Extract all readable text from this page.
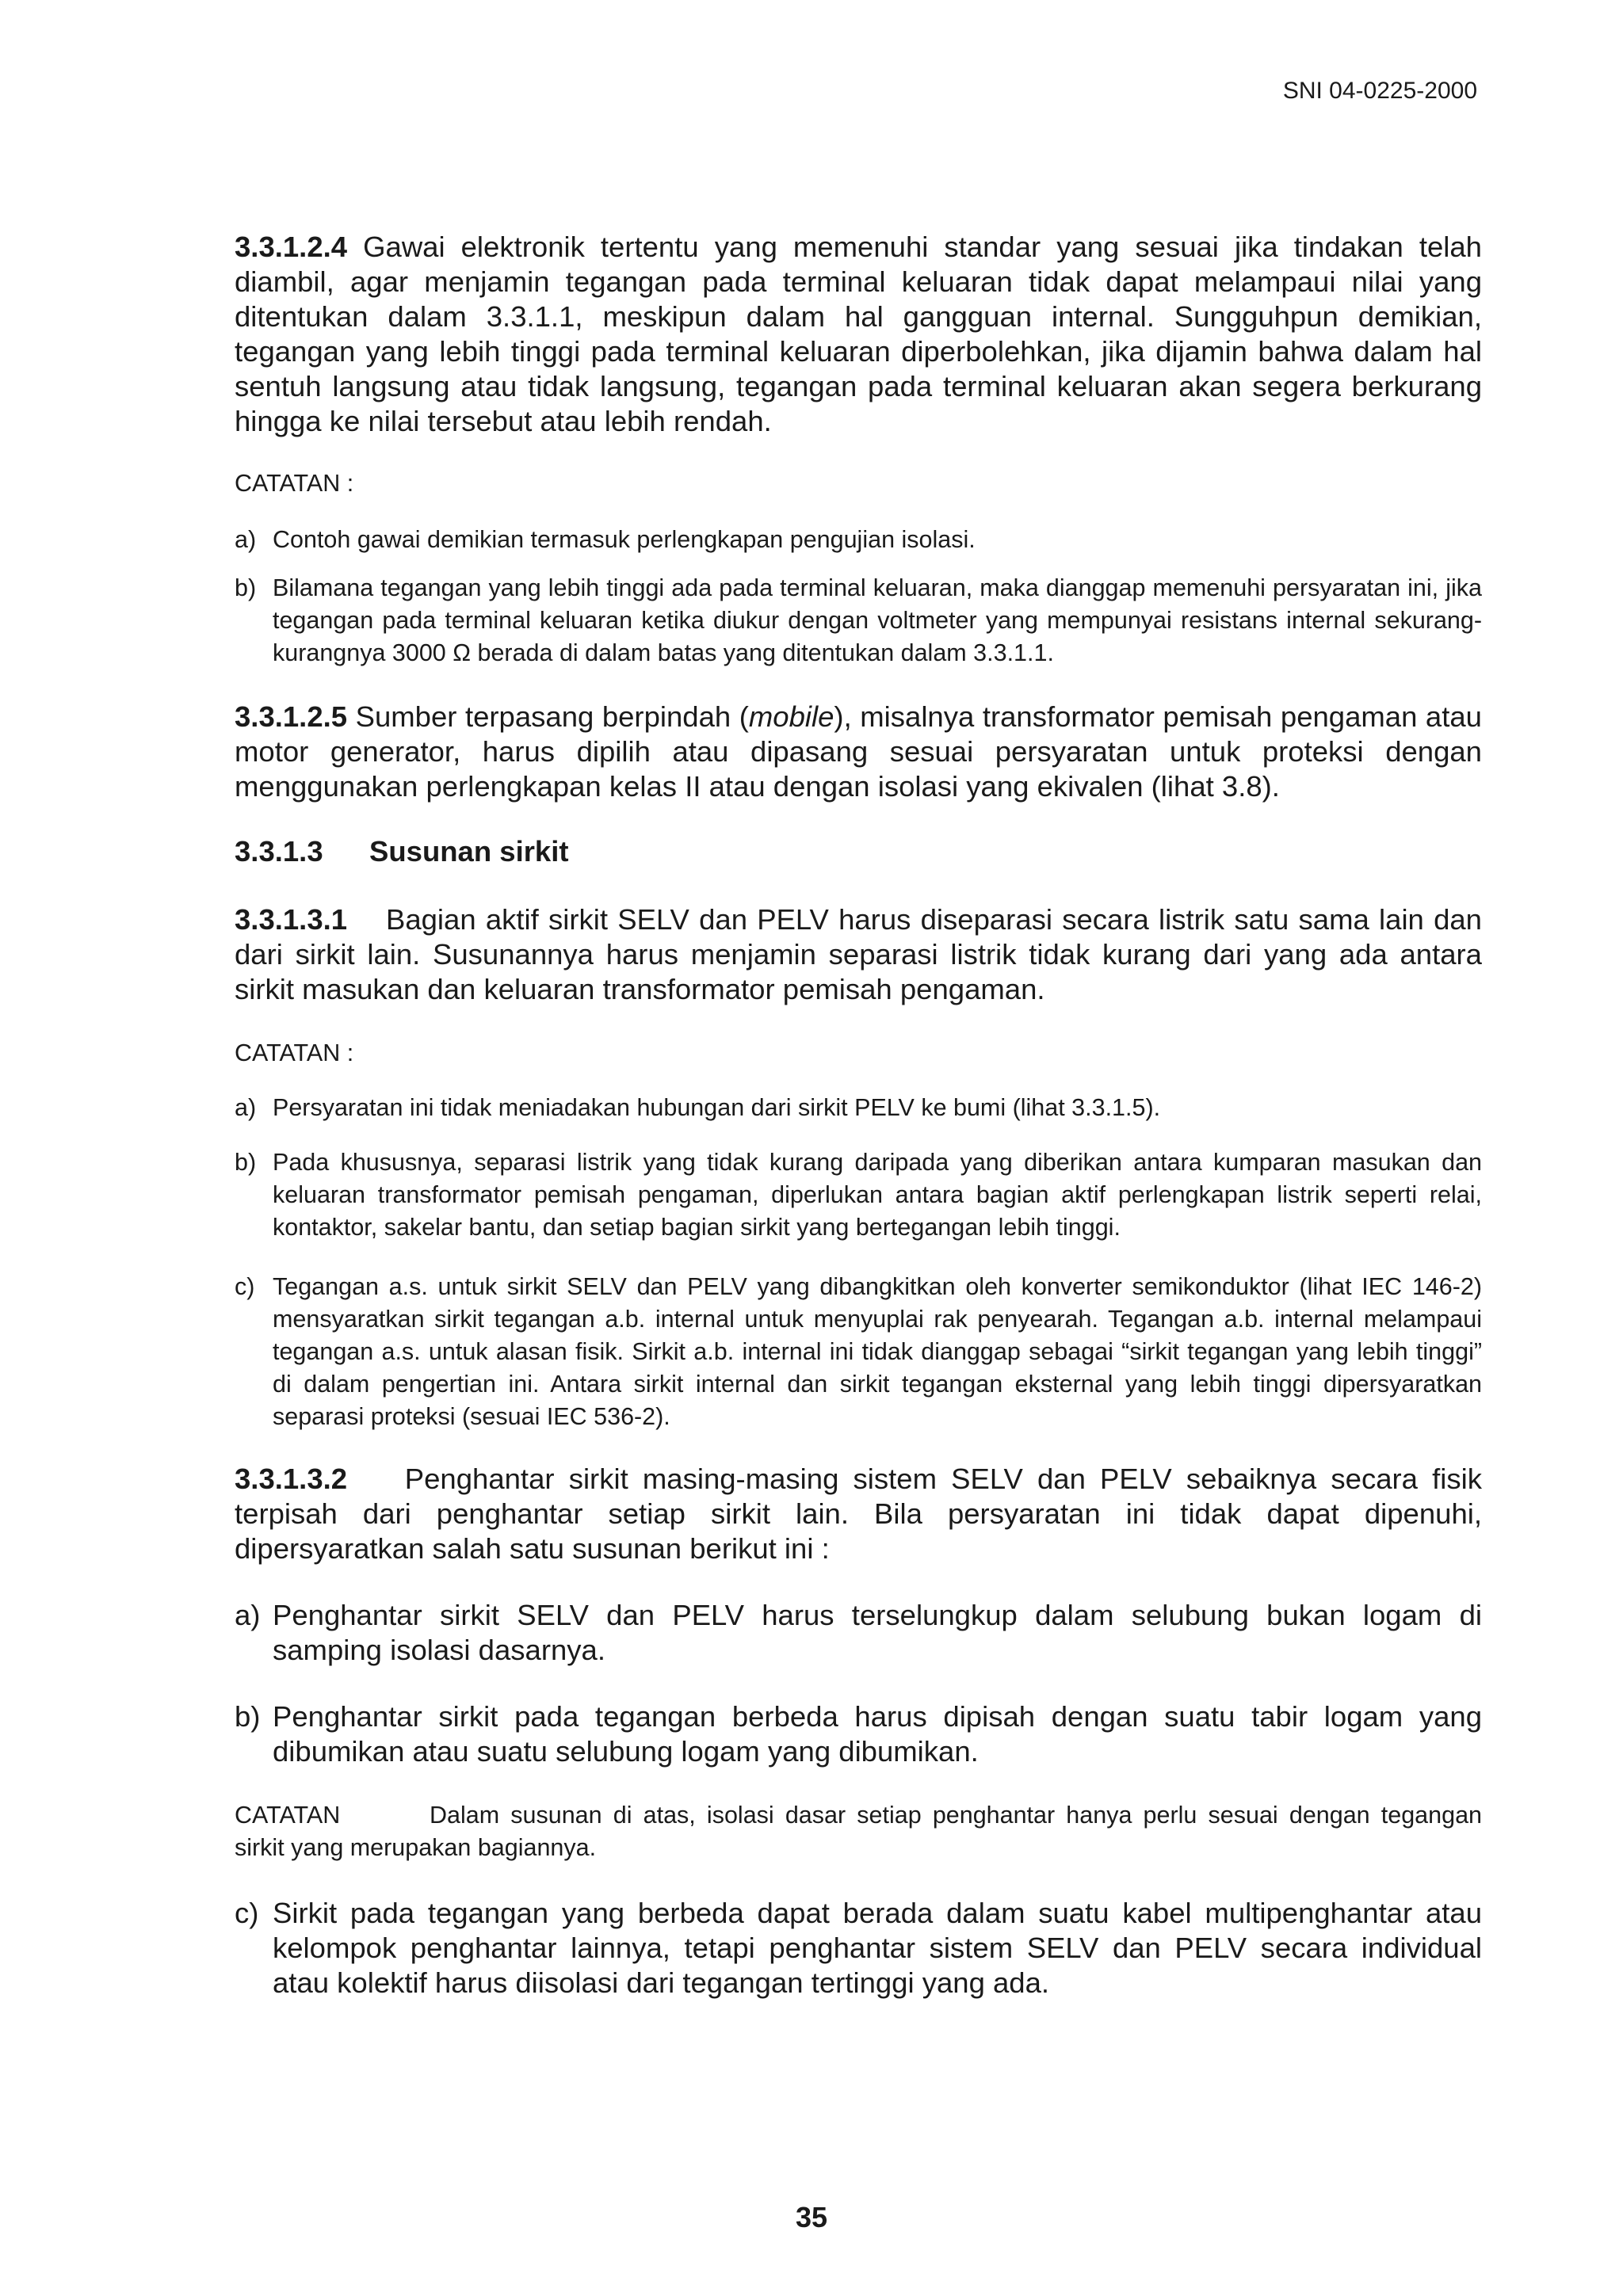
SNI 04-0225-2000

3.3.1.2.4 Gawai elektronik tertentu yang memenuhi standar yang sesuai jika tindakan telah diambil, agar menjamin tegangan pada terminal keluaran tidak dapat melampaui nilai yang ditentukan dalam 3.3.1.1, meskipun dalam hal gangguan internal. Sungguhpun demikian, tegangan yang lebih tinggi pada terminal keluaran diperbolehkan, jika dijamin bahwa dalam hal sentuh langsung atau tidak langsung, tegangan pada terminal keluaran akan segera berkurang hingga ke nilai tersebut atau lebih rendah.

CATATAN :

a) Contoh gawai demikian termasuk perlengkapan pengujian isolasi.

b) Bilamana tegangan yang lebih tinggi ada pada terminal keluaran, maka dianggap memenuhi persyaratan ini, jika tegangan pada terminal keluaran ketika diukur dengan voltmeter yang mempunyai resistans internal sekurang-kurangnya 3000 Ω berada di dalam batas yang ditentukan dalam 3.3.1.1.

3.3.1.2.5 Sumber terpasang berpindah (mobile), misalnya transformator pemisah pengaman atau motor generator, harus dipilih atau dipasang sesuai persyaratan untuk proteksi dengan menggunakan perlengkapan kelas II atau dengan isolasi yang ekivalen (lihat 3.8).

3.3.1.3 Susunan sirkit

3.3.1.3.1 Bagian aktif sirkit SELV dan PELV harus diseparasi secara listrik satu sama lain dan dari sirkit lain. Susunannya harus menjamin separasi listrik tidak kurang dari yang ada antara sirkit masukan dan keluaran transformator pemisah pengaman.

CATATAN :

a) Persyaratan ini tidak meniadakan hubungan dari sirkit PELV ke bumi (lihat 3.3.1.5).

b) Pada khususnya, separasi listrik yang tidak kurang daripada yang diberikan antara kumparan masukan dan keluaran transformator pemisah pengaman, diperlukan antara bagian aktif perlengkapan listrik seperti relai, kontaktor, sakelar bantu, dan setiap bagian sirkit yang bertegangan lebih tinggi.

c) Tegangan a.s. untuk sirkit SELV dan PELV yang dibangkitkan oleh konverter semikonduktor (lihat IEC 146-2) mensyaratkan sirkit tegangan a.b. internal untuk menyuplai rak penyearah. Tegangan a.b. internal melampaui tegangan a.s. untuk alasan fisik. Sirkit a.b. internal ini tidak dianggap sebagai “sirkit tegangan yang lebih tinggi” di dalam pengertian ini. Antara sirkit internal dan sirkit tegangan eksternal yang lebih tinggi dipersyaratkan separasi proteksi (sesuai IEC 536-2).

3.3.1.3.2 Penghantar sirkit masing-masing sistem SELV dan PELV sebaiknya secara fisik terpisah dari penghantar setiap sirkit lain. Bila persyaratan ini tidak dapat dipenuhi, dipersyaratkan salah satu susunan berikut ini :

a) Penghantar sirkit SELV dan PELV harus terselungkup dalam selubung bukan logam di samping isolasi dasarnya.

b) Penghantar sirkit pada tegangan berbeda harus dipisah dengan suatu tabir logam yang dibumikan atau suatu selubung logam yang dibumikan.

CATATAN	Dalam susunan di atas, isolasi dasar setiap penghantar hanya perlu sesuai dengan tegangan sirkit yang merupakan bagiannya.

c) Sirkit pada tegangan yang berbeda dapat berada dalam suatu kabel multipenghantar atau kelompok penghantar lainnya, tetapi penghantar sistem SELV dan PELV secara individual atau kolektif harus diisolasi dari tegangan tertinggi yang ada.

35
